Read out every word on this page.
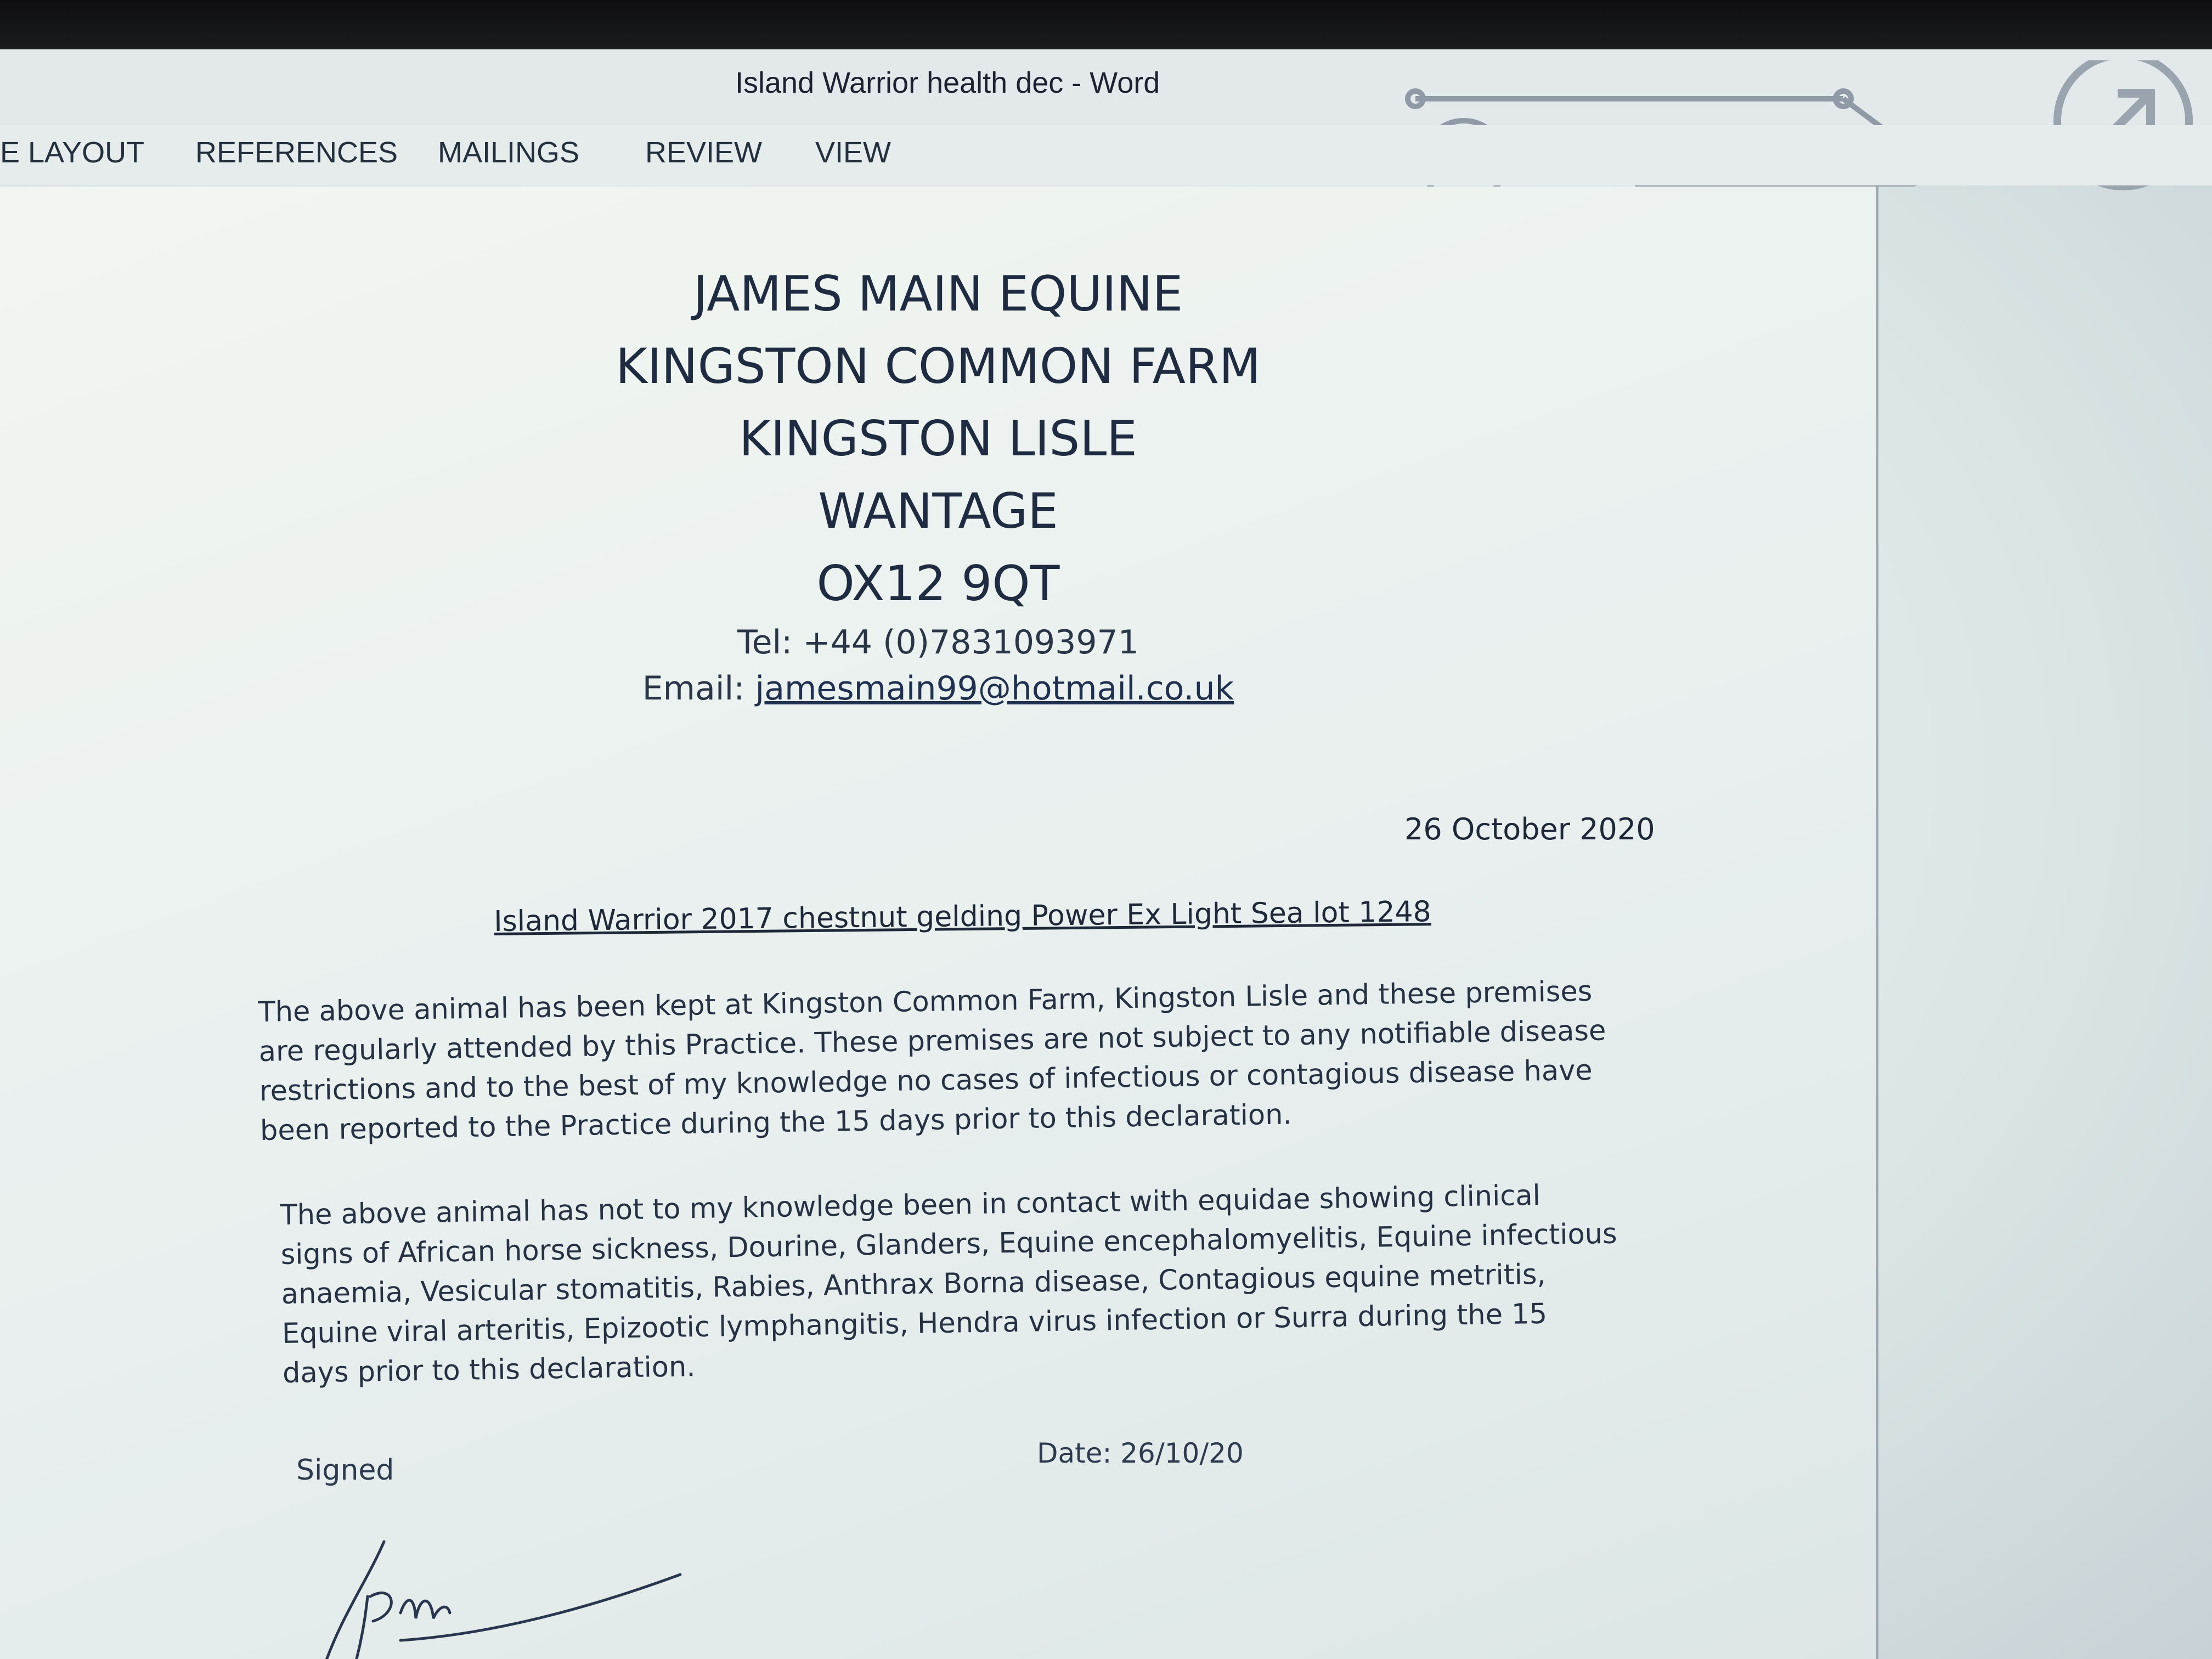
Island Warrior health dec - Word
E LAYOUT REFERENCES MAILINGS REVIEW VIEW
JAMES MAIN EQUINE
KINGSTON COMMON FARM
KINGSTON LISLE
WANTAGE
OX12 9QT
Tel: +44 (0)7831093971
Email: jamesmain99@hotmail.co.uk
26 October 2020
Island Warrior 2017 chestnut gelding Power Ex Light Sea lot 1248

The above animal has been kept at Kingston Common Farm, Kingston Lisle and these premises are regularly attended by this Practice. These premises are not subject to any notifiable disease restrictions and to the best of my knowledge no cases of infectious or contagious disease have been reported to the Practice during the 15 days prior to this declaration.

The above animal has not to my knowledge been in contact with equidae showing clinical signs of African horse sickness, Dourine, Glanders, Equine encephalomyelitis, Equine infectious anaemia, Vesicular stomatitis, Rabies, Anthrax Borna disease, Contagious equine metritis, Equine viral arteritis, Epizootic lymphangitis, Hendra virus infection or Surra during the 15 days prior to this declaration.

Signed
Date: 26/10/20
